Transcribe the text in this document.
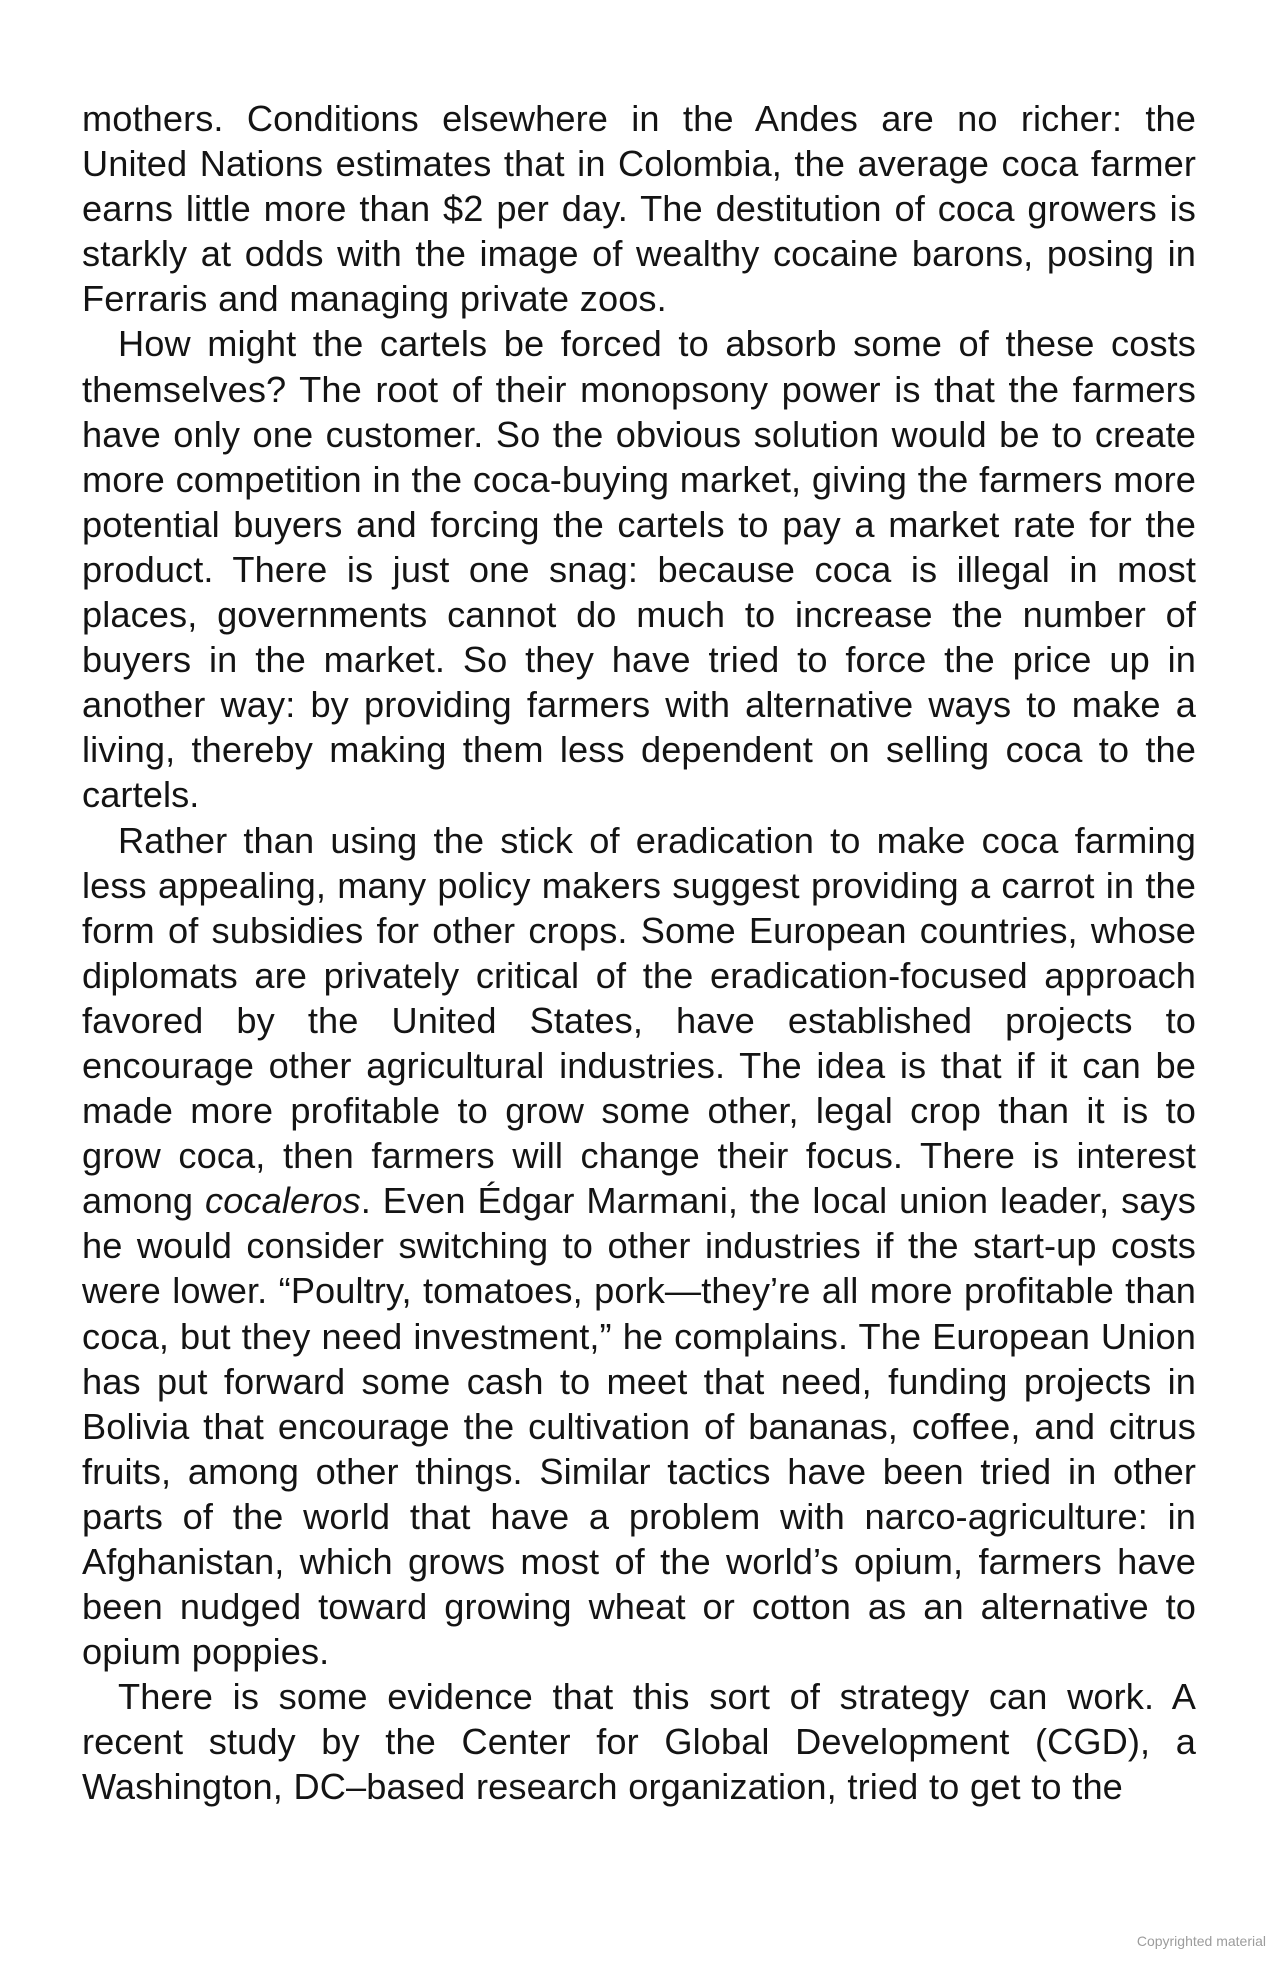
mothers. Conditions elsewhere in the Andes are no richer: the United Nations estimates that in Colombia, the average coca farmer earns little more than $2 per day. The destitution of coca growers is starkly at odds with the image of wealthy cocaine barons, posing in Ferraris and managing private zoos.

How might the cartels be forced to absorb some of these costs themselves? The root of their monopsony power is that the farmers have only one customer. So the obvious solution would be to create more competition in the coca-buying market, giving the farmers more potential buyers and forcing the cartels to pay a market rate for the product. There is just one snag: because coca is illegal in most places, governments cannot do much to increase the number of buyers in the market. So they have tried to force the price up in another way: by providing farmers with alternative ways to make a living, thereby making them less dependent on selling coca to the cartels.

Rather than using the stick of eradication to make coca farming less appealing, many policy makers suggest providing a carrot in the form of subsidies for other crops. Some European countries, whose diplomats are privately critical of the eradication-focused approach favored by the United States, have established projects to encourage other agricultural industries. The idea is that if it can be made more profitable to grow some other, legal crop than it is to grow coca, then farmers will change their focus. There is interest among cocaleros. Even Édgar Marmani, the local union leader, says he would consider switching to other industries if the start-up costs were lower. “Poultry, tomatoes, pork—they’re all more profitable than coca, but they need investment,” he complains. The European Union has put forward some cash to meet that need, funding projects in Bolivia that encourage the cultivation of bananas, coffee, and citrus fruits, among other things. Similar tactics have been tried in other parts of the world that have a problem with narco-agriculture: in Afghanistan, which grows most of the world’s opium, farmers have been nudged toward growing wheat or cotton as an alternative to opium poppies.

There is some evidence that this sort of strategy can work. A recent study by the Center for Global Development (CGD), a Washington, DC–based research organization, tried to get to the

Copyrighted material
